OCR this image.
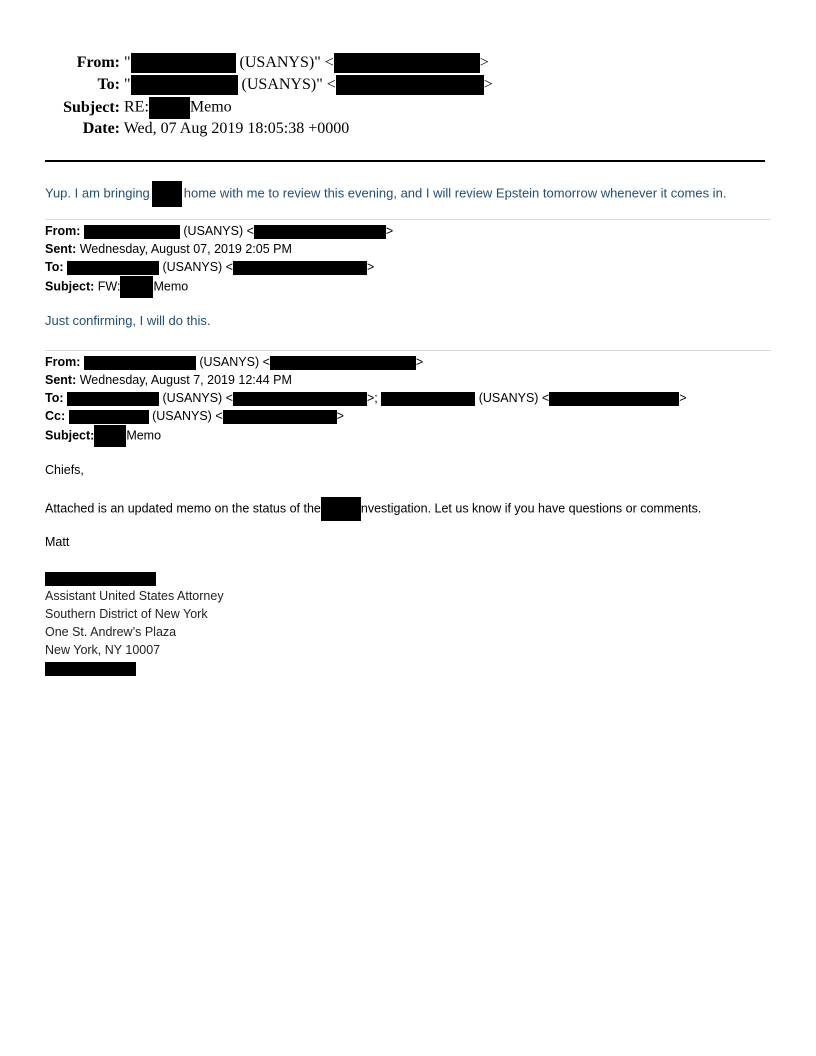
From: "	(USANYS)" <	>
To: "	(USANYS)" <	>
Subject: RE:	Memo
Date: Wed, 07 Aug 2019 18:05:38 +0000
Yup. I am bringing	home with me to review this evening, and I will review Epstein tomorrow whenever it comes in.
From:	(USANYS) <	>
Sent: Wednesday, August 07, 2019 2:05 PM
To:	(USANYS) <	>
Subject: FW:	Memo
Just confirming, I will do this.
From:	(USANYS) <	>
Sent: Wednesday, August 7, 2019 12:44 PM
To:	(USANYS) <	>;	(USANYS) <	>
Cc:	(USANYS) <	>
Subject:	Memo
Chiefs,
Attached is an updated memo on the status of the	nvestigation. Let us know if you have questions or comments.
Matt
Assistant United States Attorney
Southern District of New York
One St. Andrew’s Plaza
New York, NY 10007
